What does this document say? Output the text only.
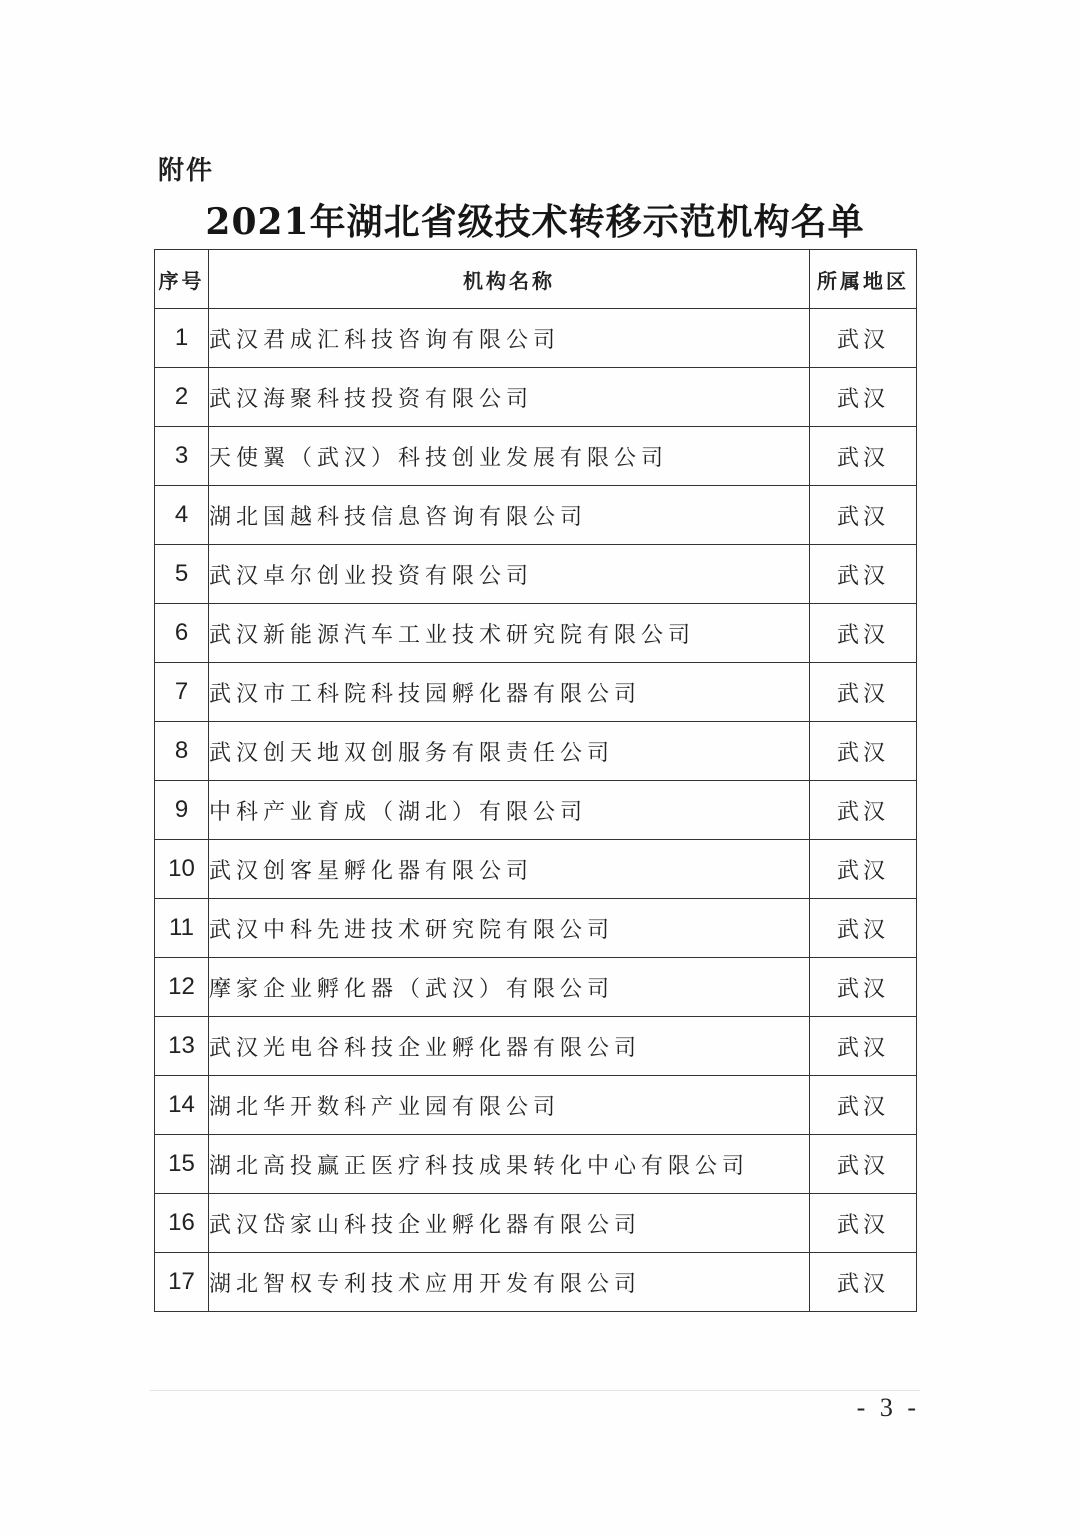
附件
2021年湖北省级技术转移示范机构名单
序号	机构名称	所属地区
1	武汉君成汇科技咨询有限公司	武汉
2	武汉海聚科技投资有限公司	武汉
3	天使翼（武汉）科技创业发展有限公司	武汉
4	湖北国越科技信息咨询有限公司	武汉
5	武汉卓尔创业投资有限公司	武汉
6	武汉新能源汽车工业技术研究院有限公司	武汉
7	武汉市工科院科技园孵化器有限公司	武汉
8	武汉创天地双创服务有限责任公司	武汉
9	中科产业育成（湖北）有限公司	武汉
10	武汉创客星孵化器有限公司	武汉
11	武汉中科先进技术研究院有限公司	武汉
12	摩家企业孵化器（武汉）有限公司	武汉
13	武汉光电谷科技企业孵化器有限公司	武汉
14	湖北华开数科产业园有限公司	武汉
15	湖北高投赢正医疗科技成果转化中心有限公司	武汉
16	武汉岱家山科技企业孵化器有限公司	武汉
17	湖北智权专利技术应用开发有限公司	武汉
- 3 -
